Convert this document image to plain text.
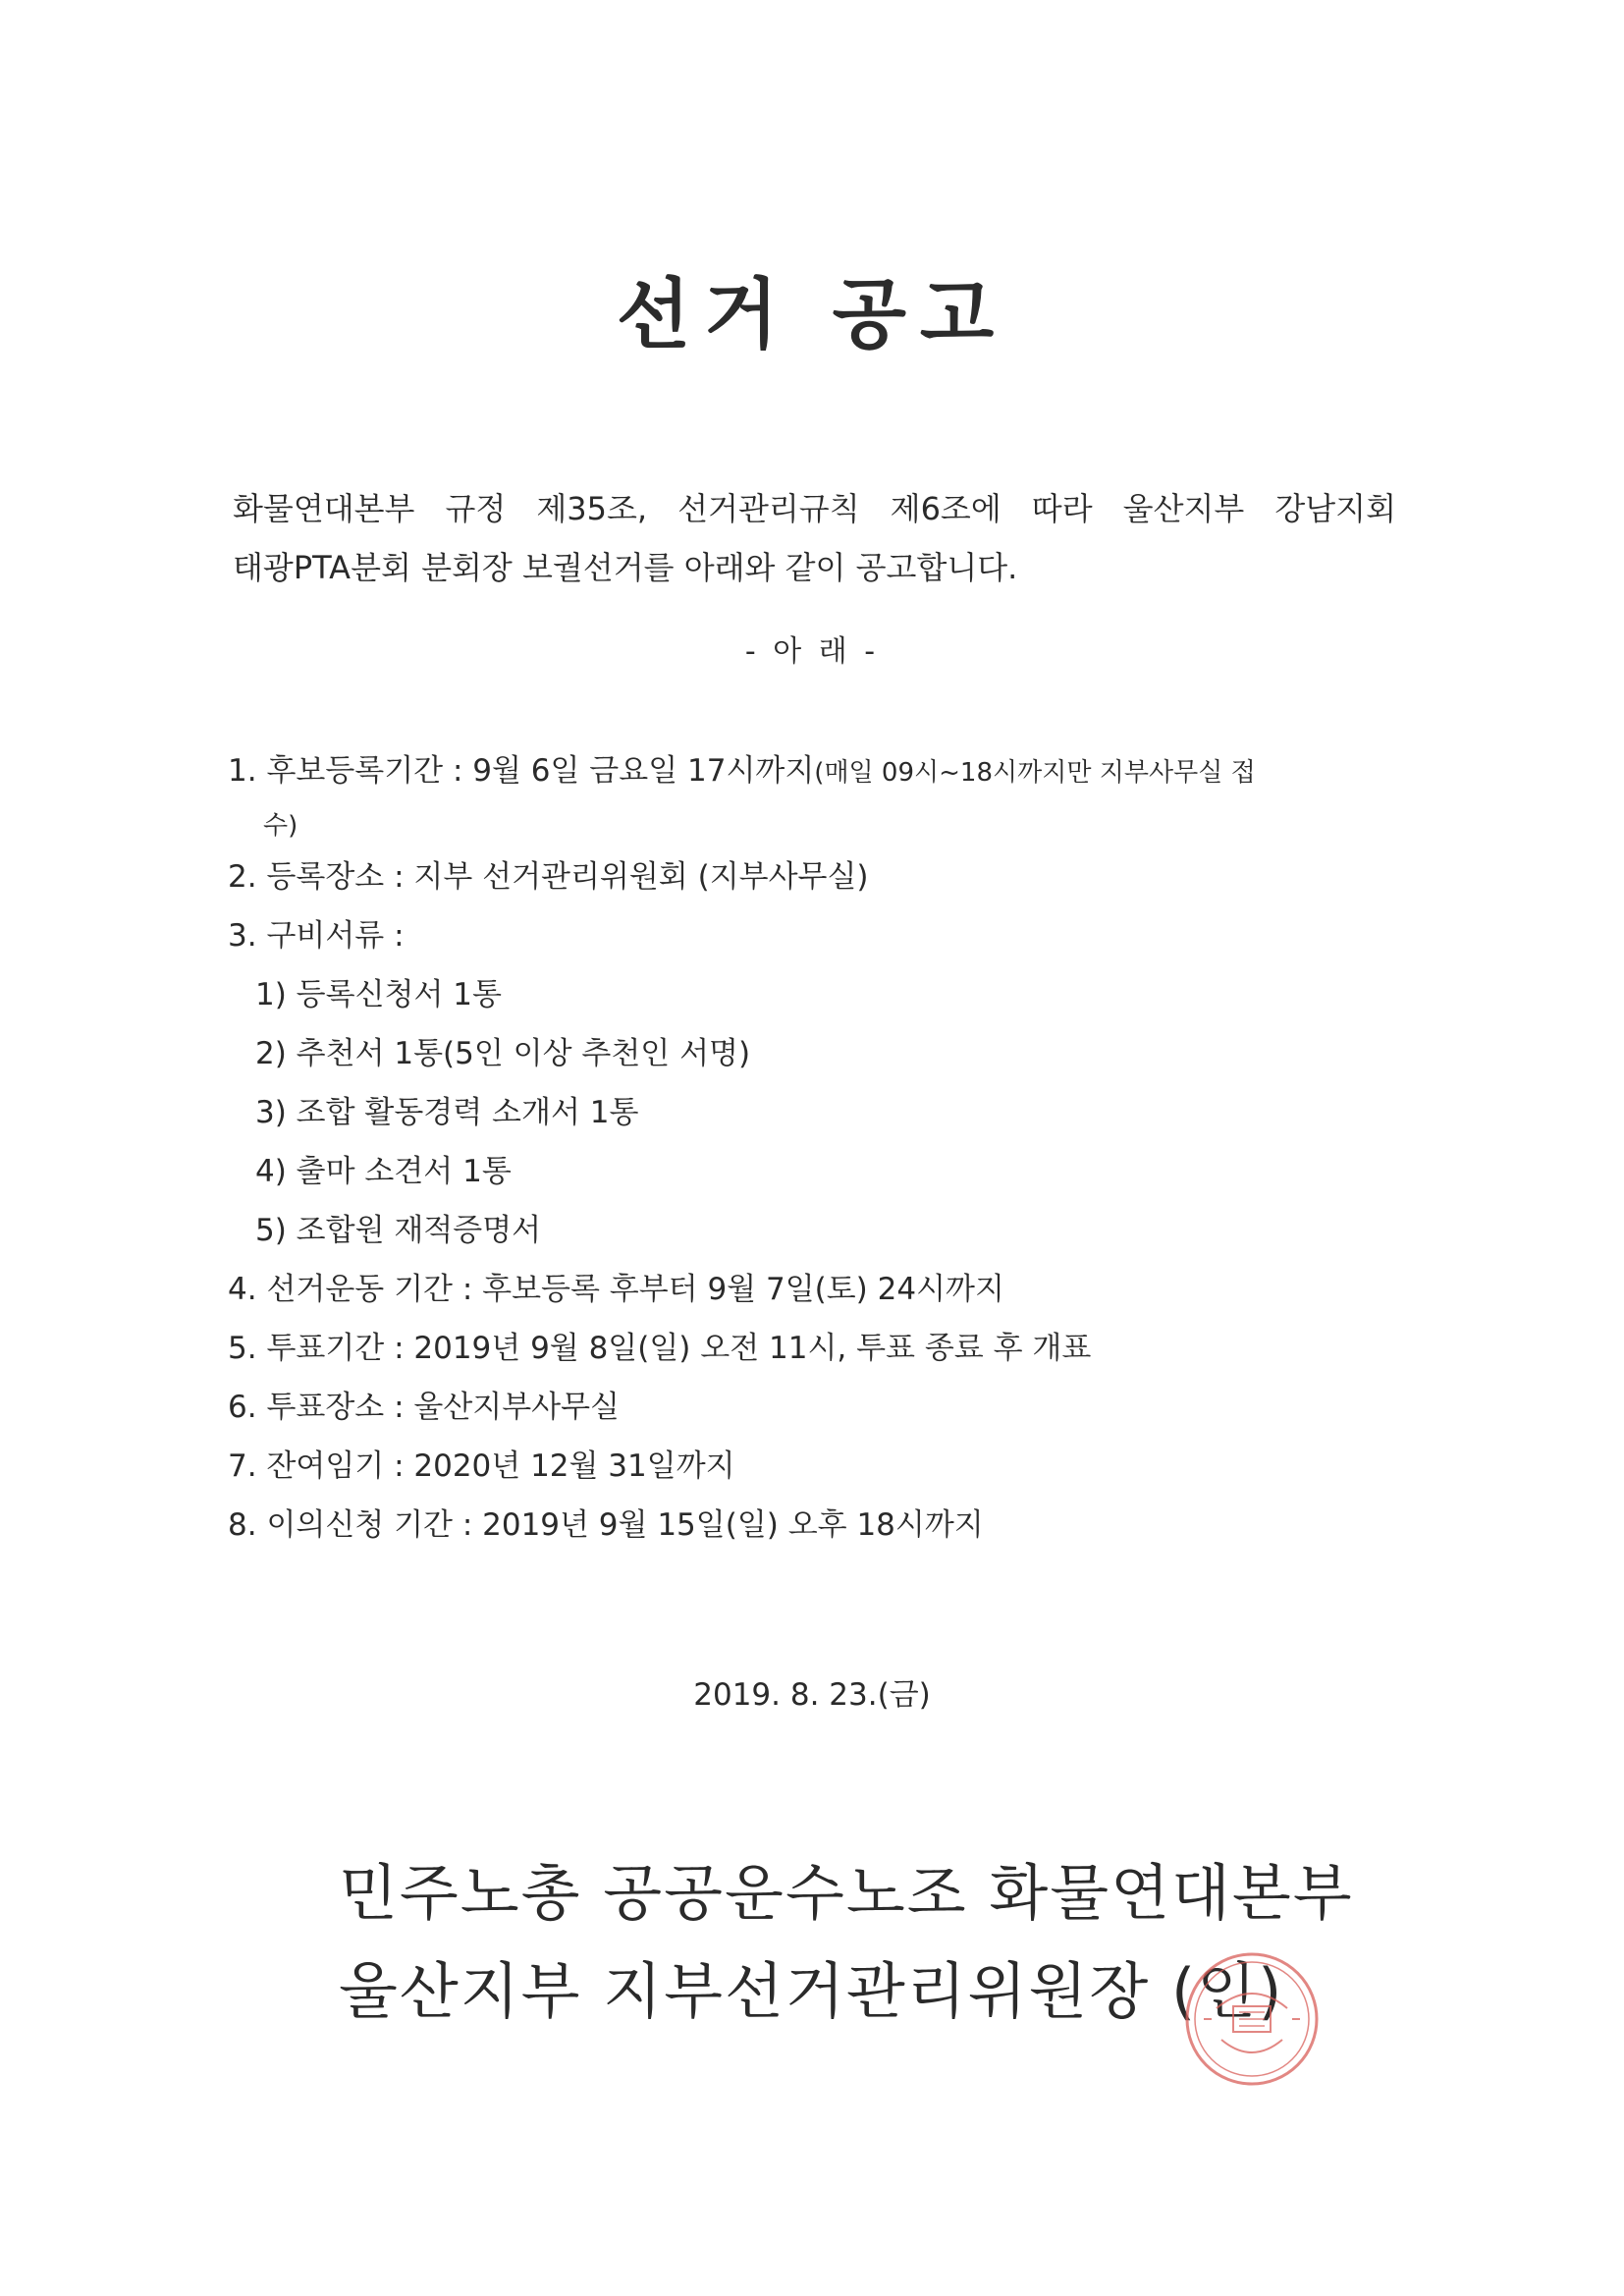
선거 공고
화물연대본부 규정 제35조, 선거관리규칙 제6조에 따라 울산지부 강남지회
태광PTA분회 분회장 보궐선거를 아래와 같이 공고합니다.
- 아 래 -
1. 후보등록기간 : 9월 6일 금요일 17시까지(매일 09시~18시까지만 지부사무실 접
수)
2. 등록장소 : 지부 선거관리위원회 (지부사무실)
3. 구비서류 :
1) 등록신청서 1통
2) 추천서 1통(5인 이상 추천인 서명)
3) 조합 활동경력 소개서 1통
4) 출마 소견서 1통
5) 조합원 재적증명서
4. 선거운동 기간 : 후보등록 후부터 9월 7일(토) 24시까지
5. 투표기간 : 2019년 9월 8일(일) 오전 11시, 투표 종료 후 개표
6. 투표장소 : 울산지부사무실
7. 잔여임기 : 2020년 12월 31일까지
8. 이의신청 기간 : 2019년 9월 15일(일) 오후 18시까지
2019. 8. 23.(금)
민주노총 공공운수노조 화물연대본부
울산지부 지부선거관리위원장 (인)
